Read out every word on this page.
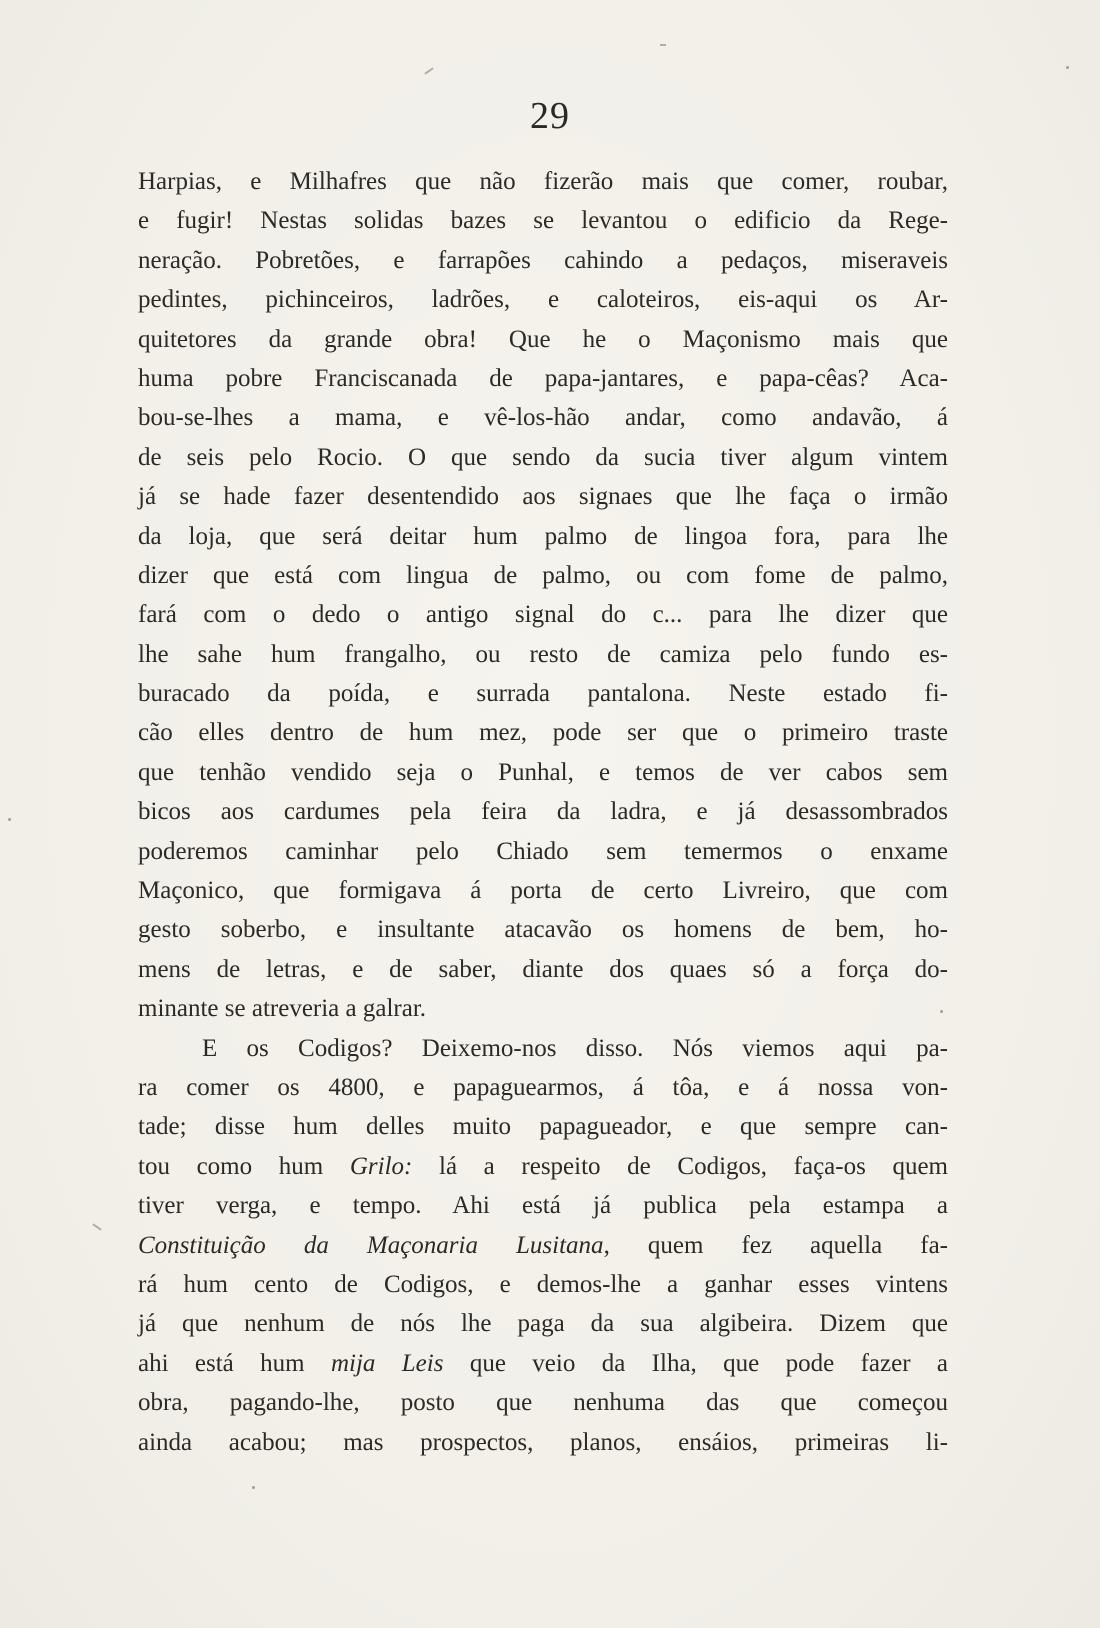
29
Harpias, e Milhafres que não fizerão mais que comer, roubar,
e fugir! Nestas solidas bazes se levantou o edificio da Rege-
neração. Pobretões, e farrapões cahindo a pedaços, miseraveis
pedintes, pichinceiros, ladrões, e caloteiros, eis-aqui os Ar-
quitetores da grande obra! Que he o Maçonismo mais que
huma pobre Franciscanada de papa-jantares, e papa-cêas? Aca-
bou-se-lhes a mama, e vê-los-hão andar, como andavão, á
de seis pelo Rocio. O que sendo da sucia tiver algum vintem
já se hade fazer desentendido aos signaes que lhe faça o irmão
da loja, que será deitar hum palmo de lingoa fora, para lhe
dizer que está com lingua de palmo, ou com fome de palmo,
fará com o dedo o antigo signal do c... para lhe dizer que
lhe sahe hum frangalho, ou resto de camiza pelo fundo es-
buracado da poída, e surrada pantalona. Neste estado fi-
cão elles dentro de hum mez, pode ser que o primeiro traste
que tenhão vendido seja o Punhal, e temos de ver cabos sem
bicos aos cardumes pela feira da ladra, e já desassombrados
poderemos caminhar pelo Chiado sem temermos o enxame
Maçonico, que formigava á porta de certo Livreiro, que com
gesto soberbo, e insultante atacavão os homens de bem, ho-
mens de letras, e de saber, diante dos quaes só a força do-
minante se atreveria a galrar.
E os Codigos? Deixemo-nos disso. Nós viemos aqui pa-
ra comer os 4800, e papaguearmos, á tôa, e á nossa von-
tade; disse hum delles muito papagueador, e que sempre can-
tou como hum Grilo: lá a respeito de Codigos, faça-os quem
tiver verga, e tempo. Ahi está já publica pela estampa a
Constituição da Maçonaria Lusitana, quem fez aquella fa-
rá hum cento de Codigos, e demos-lhe a ganhar esses vintens
já que nenhum de nós lhe paga da sua algibeira. Dizem que
ahi está hum mija Leis que veio da Ilha, que pode fazer a
obra, pagando-lhe, posto que nenhuma das que começou
ainda acabou; mas prospectos, planos, ensáios, primeiras li-
